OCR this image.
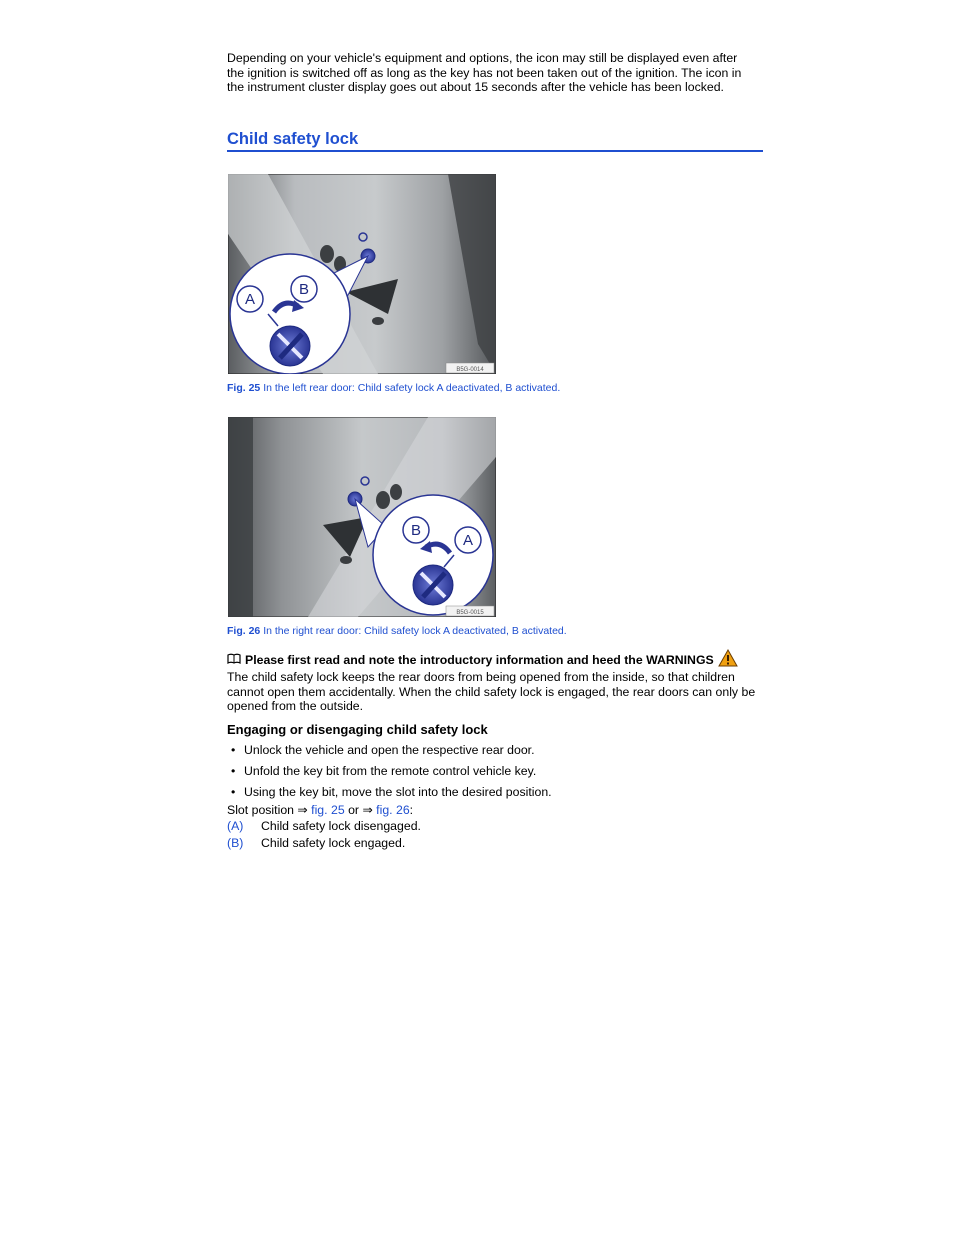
Depending on your vehicle's equipment and options, the icon may still be displayed even after the ignition is switched off as long as the key has not been taken out of the ignition. The icon in the instrument cluster display goes out about 15 seconds after the vehicle has been locked.

Child safety lock
A
B
B5G-0014

Fig. 25 In the left rear door: Child safety lock A deactivated, B activated.

B
A
B5G-0015

Fig. 26 In the right rear door: Child safety lock A deactivated, B activated.

Please first read and note the introductory information and heed the WARNINGS

The child safety lock keeps the rear doors from being opened from the inside, so that children cannot open them accidentally. When the child safety lock is engaged, the rear doors can only be opened from the outside.

Engaging or disengaging child safety lock
• Unlock the vehicle and open the respective rear door.
• Unfold the key bit from the remote control vehicle key.
• Using the key bit, move the slot into the desired position.

Slot position ⇒ fig. 25 or ⇒ fig. 26:

(A)	Child safety lock disengaged.
(B)	Child safety lock engaged.
